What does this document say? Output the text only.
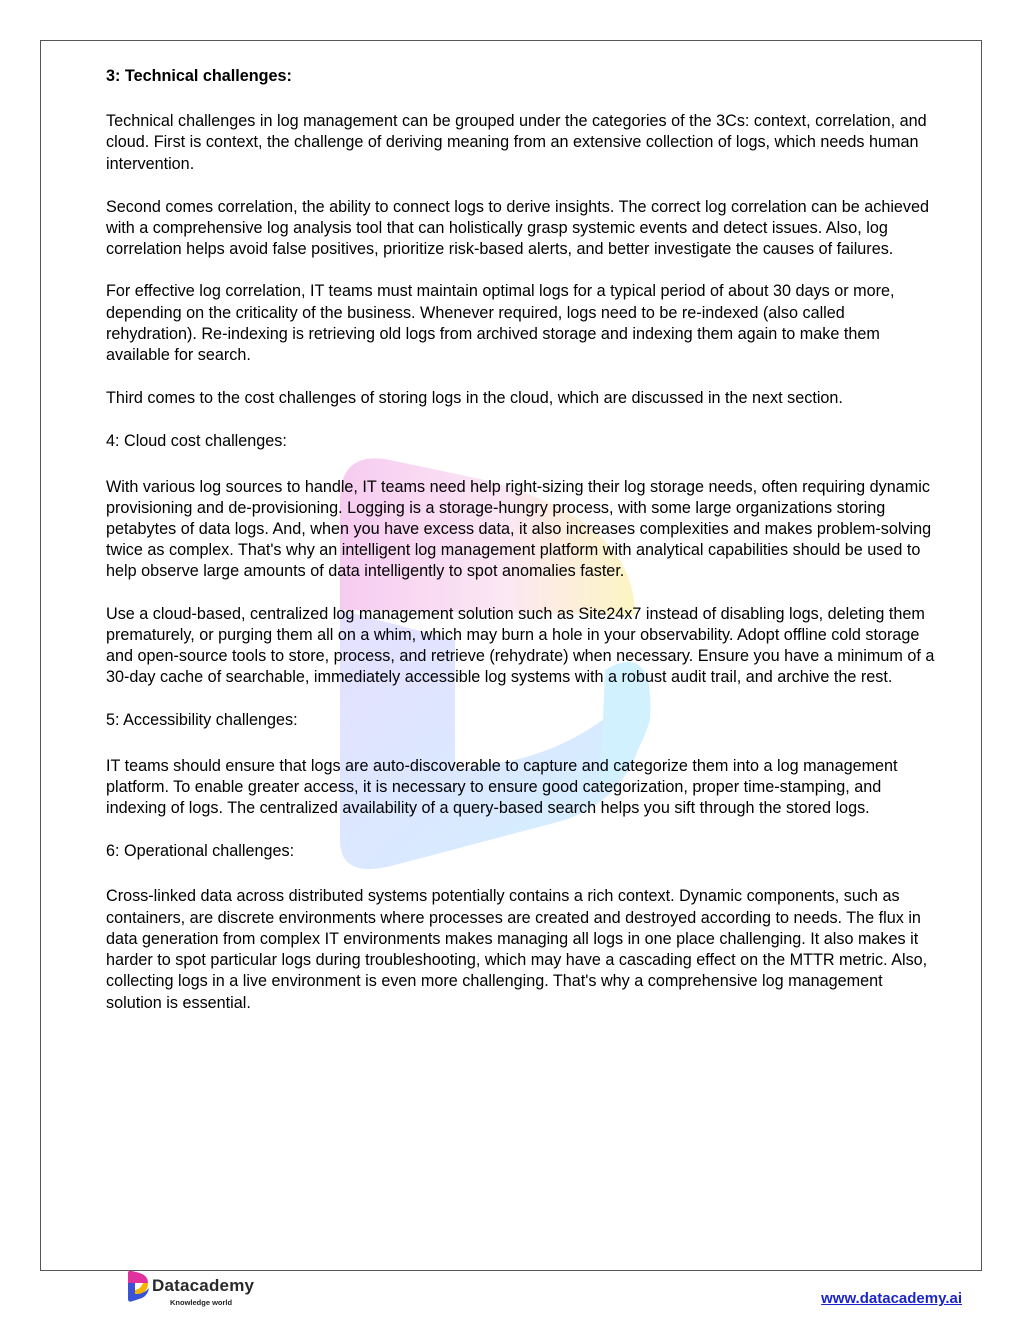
3: Technical challenges:

Technical challenges in log management can be grouped under the categories of the 3Cs: context, correlation, and cloud. First is context, the challenge of deriving meaning from an extensive collection of logs, which needs human intervention.

Second comes correlation, the ability to connect logs to derive insights. The correct log correlation can be achieved with a comprehensive log analysis tool that can holistically grasp systemic events and detect issues. Also, log correlation helps avoid false positives, prioritize risk-based alerts, and better investigate the causes of failures.

For effective log correlation, IT teams must maintain optimal logs for a typical period of about 30 days or more, depending on the criticality of the business. Whenever required, logs need to be re-indexed (also called rehydration). Re-indexing is retrieving old logs from archived storage and indexing them again to make them available for search.

Third comes to the cost challenges of storing logs in the cloud, which are discussed in the next section.

4: Cloud cost challenges:

With various log sources to handle, IT teams need help right-sizing their log storage needs, often requiring dynamic provisioning and de-provisioning. Logging is a storage-hungry process, with some large organizations storing petabytes of data logs. And, when you have excess data, it also increases complexities and makes problem-solving twice as complex. That's why an intelligent log management platform with analytical capabilities should be used to help observe large amounts of data intelligently to spot anomalies faster.

Use a cloud-based, centralized log management solution such as Site24x7 instead of disabling logs, deleting them prematurely, or purging them all on a whim, which may burn a hole in your observability. Adopt offline cold storage and open-source tools to store, process, and retrieve (rehydrate) when necessary. Ensure you have a minimum of a 30-day cache of searchable, immediately accessible log systems with a robust audit trail, and archive the rest.

5: Accessibility challenges:

IT teams should ensure that logs are auto-discoverable to capture and categorize them into a log management platform. To enable greater access, it is necessary to ensure good categorization, proper time-stamping, and indexing of logs. The centralized availability of a query-based search helps you sift through the stored logs.

6: Operational challenges:

Cross-linked data across distributed systems potentially contains a rich context. Dynamic components, such as containers, are discrete environments where processes are created and destroyed according to needs. The flux in data generation from complex IT environments makes managing all logs in one place challenging. It also makes it harder to spot particular logs during troubleshooting, which may have a cascading effect on the MTTR metric. Also, collecting logs in a live environment is even more challenging. That's why a comprehensive log management solution is essential.

Datacademy
Knowledge world	www.datacademy.ai
